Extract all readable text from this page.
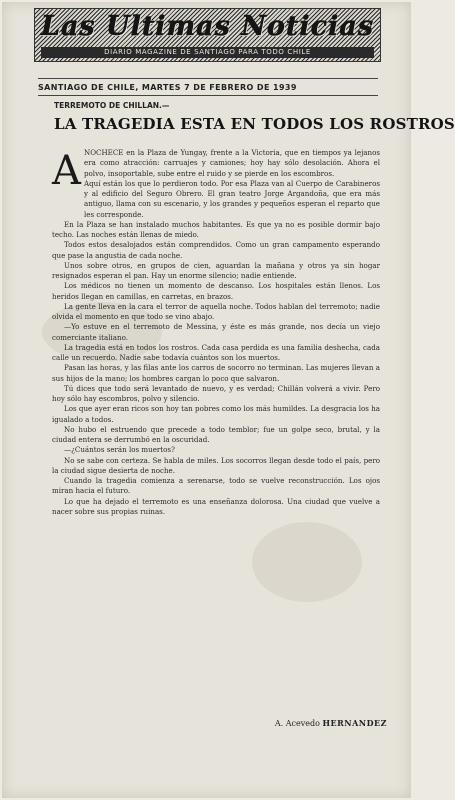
Las Ultimas Noticias
DIARIO MAGAZINE DE SANTIAGO PARA TODO CHILE
SANTIAGO DE CHILE, MARTES 7 DE FEBRERO DE 1939
TERREMOTO DE CHILLAN.—
LA TRAGEDIA ESTA EN TODOS LOS ROSTROS
A NOCHECE en la Plaza de Yungay, frente a la Victoria, que en tiempos ya lejanos era como atracción: carruajes y camiones; hoy hay sólo desolación. Ahora el polvo, insoportable, sube entre el ruido y se pierde en los escombros.

Aquí están los que lo perdieron todo. Por esa Plaza van al Cuerpo de Carabineros y al edificio del Seguro Obrero. El gran teatro Jorge Argandoña, que era más antiguo, llama con su escenario, y los grandes y pequeños esperan el reparto que les corresponde.

En la Plaza se han instalado muchos habitantes. Es que ya no es posible dormir bajo techo. Las noches están llenas de miedo.

Todos estos desalojados están comprendidos. Como un gran campamento esperando que pase la angustia de cada noche.

Unos sobre otros, en grupos de cien, aguardan la mañana y otros ya sin hogar resignados esperan el pan. Hay un enorme silencio; nadie entiende.

Los médicos no tienen un momento de descanso. Los hospitales están llenos. Los heridos llegan en camillas, en carretas, en brazos.

La gente lleva en la cara el terror de aquella noche. Todos hablan del terremoto; nadie olvida el momento en que todo se vino abajo.

—Yo estuve en el terremoto de Messina, y éste es más grande, nos decía un viejo comerciante italiano.

La tragedia está en todos los rostros. Cada casa perdida es una familia deshecha, cada calle un recuerdo. Nadie sabe todavía cuántos son los muertos.

Pasan las horas, y las filas ante los carros de socorro no terminan. Las mujeres llevan a sus hijos de la mano; los hombres cargan lo poco que salvaron.

Tú dices que todo será levantado de nuevo, y es verdad; Chillán volverá a vivir. Pero hoy sólo hay escombros, polvo y silencio.

Los que ayer eran ricos son hoy tan pobres como los más humildes. La desgracia los ha igualado a todos.

No hubo el estruendo que precede a todo temblor; fue un golpe seco, brutal, y la ciudad entera se derrumbó en la oscuridad.

—¿Cuántos serán los muertos?

No se sabe con certeza. Se habla de miles. Los socorros llegan desde todo el país, pero la ciudad sigue desierta de noche.

Cuando la tragedia comienza a serenarse, todo se vuelve reconstrucción. Los ojos miran hacia el futuro.

Lo que ha dejado el terremoto es una enseñanza dolorosa. Una ciudad que vuelve a nacer sobre sus propias ruinas.

A. Acevedo HERNANDEZ
